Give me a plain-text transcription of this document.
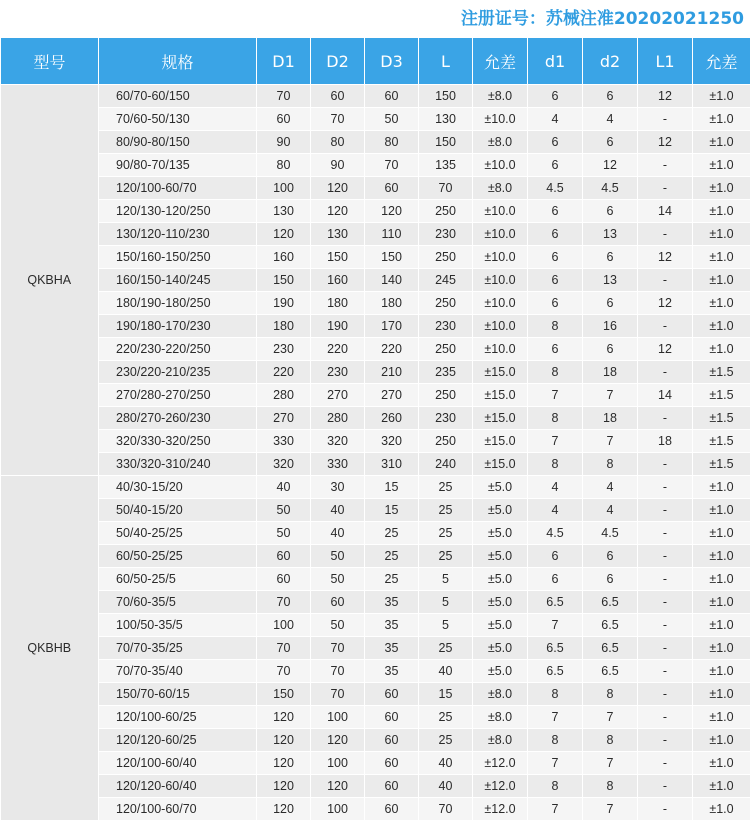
注册证号：苏械注准20202021250
型号	规格	D1	D2	D3	L	允差	d1	d2	L1	允差
QKBHA	60/70-60/150	70	60	60	150	±8.0	6	6	12	±1.0
	70/60-50/130	60	70	50	130	±10.0	4	4	-	±1.0
	80/90-80/150	90	80	80	150	±8.0	6	6	12	±1.0
	90/80-70/135	80	90	70	135	±10.0	6	12	-	±1.0
	120/100-60/70	100	120	60	70	±8.0	4.5	4.5	-	±1.0
	120/130-120/250	130	120	120	250	±10.0	6	6	14	±1.0
	130/120-110/230	120	130	110	230	±10.0	6	13	-	±1.0
	150/160-150/250	160	150	150	250	±10.0	6	6	12	±1.0
	160/150-140/245	150	160	140	245	±10.0	6	13	-	±1.0
	180/190-180/250	190	180	180	250	±10.0	6	6	12	±1.0
	190/180-170/230	180	190	170	230	±10.0	8	16	-	±1.0
	220/230-220/250	230	220	220	250	±10.0	6	6	12	±1.0
	230/220-210/235	220	230	210	235	±15.0	8	18	-	±1.5
	270/280-270/250	280	270	270	250	±15.0	7	7	14	±1.5
	280/270-260/230	270	280	260	230	±15.0	8	18	-	±1.5
	320/330-320/250	330	320	320	250	±15.0	7	7	18	±1.5
	330/320-310/240	320	330	310	240	±15.0	8	8	-	±1.5
QKBHB	40/30-15/20	40	30	15	25	±5.0	4	4	-	±1.0
	50/40-15/20	50	40	15	25	±5.0	4	4	-	±1.0
	50/40-25/25	50	40	25	25	±5.0	4.5	4.5	-	±1.0
	60/50-25/25	60	50	25	25	±5.0	6	6	-	±1.0
	60/50-25/5	60	50	25	5	±5.0	6	6	-	±1.0
	70/60-35/5	70	60	35	5	±5.0	6.5	6.5	-	±1.0
	100/50-35/5	100	50	35	5	±5.0	7	6.5	-	±1.0
	70/70-35/25	70	70	35	25	±5.0	6.5	6.5	-	±1.0
	70/70-35/40	70	70	35	40	±5.0	6.5	6.5	-	±1.0
	150/70-60/15	150	70	60	15	±8.0	8	8	-	±1.0
	120/100-60/25	120	100	60	25	±8.0	7	7	-	±1.0
	120/120-60/25	120	120	60	25	±8.0	8	8	-	±1.0
	120/100-60/40	120	100	60	40	±12.0	7	7	-	±1.0
	120/120-60/40	120	120	60	40	±12.0	8	8	-	±1.0
	120/100-60/70	120	100	60	70	±12.0	7	7	-	±1.0
